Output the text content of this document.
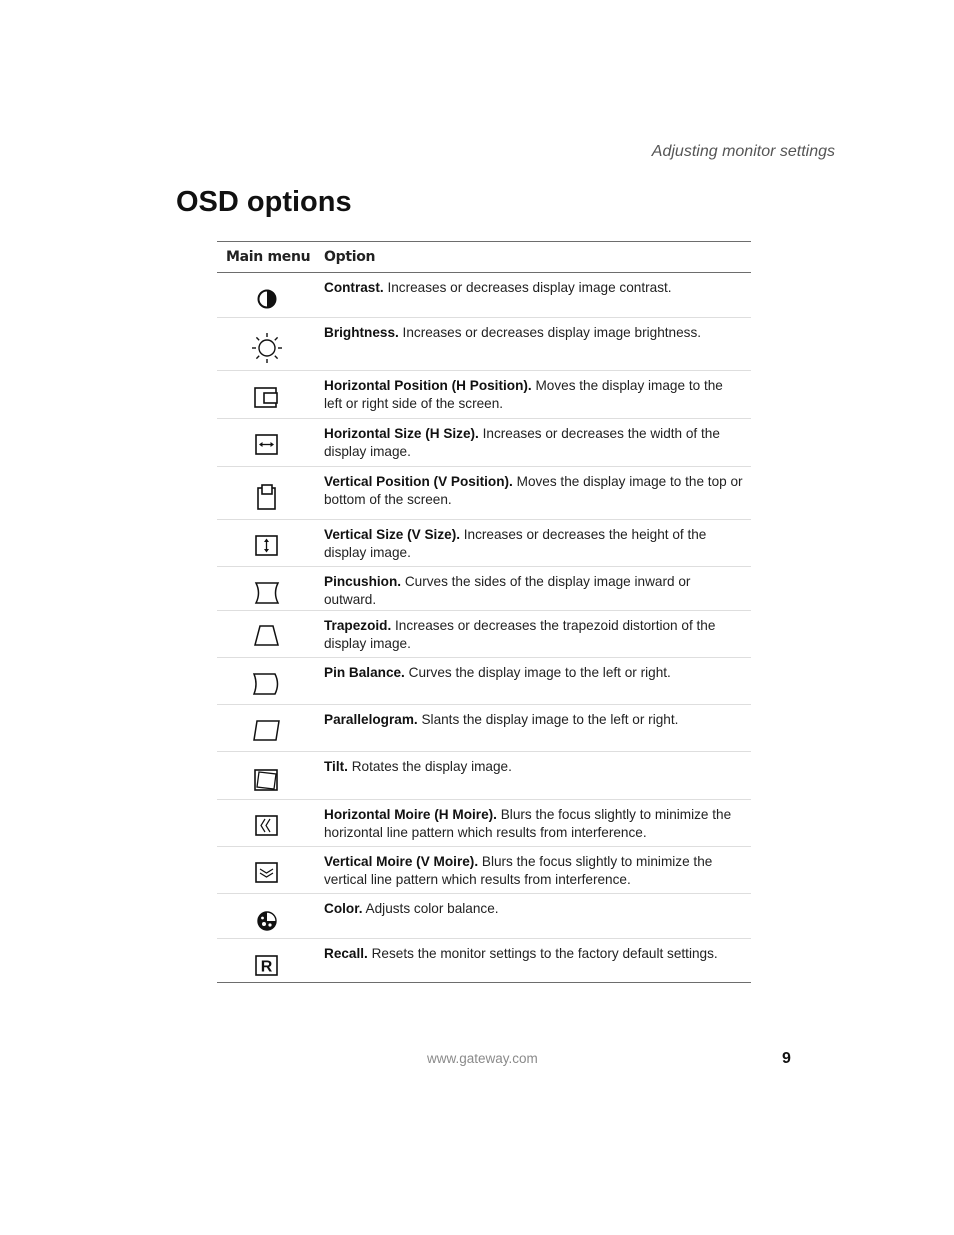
Adjusting monitor settings
OSD options
Main menu	Option

	Contrast. Increases or decreases display image contrast.

	Brightness. Increases or decreases display image brightness.

	Horizontal Position (H Position). Moves the display image to the left or right side of the screen.

	Horizontal Size (H Size). Increases or decreases the width of the display image.

	Vertical Position (V Position). Moves the display image to the top or bottom of the screen.

	Vertical Size (V Size). Increases or decreases the height of the display image.

	Pincushion. Curves the sides of the display image inward or outward.

	Trapezoid. Increases or decreases the trapezoid distortion of the display image.

	Pin Balance. Curves the display image to the left or right.

	Parallelogram. Slants the display image to the left or right.

	Tilt. Rotates the display image.

	Horizontal Moire (H Moire). Blurs the focus slightly to minimize the horizontal line pattern which results from interference.

	Vertical Moire (V Moire). Blurs the focus slightly to minimize the vertical line pattern which results from interference.

	Color. Adjusts color balance.

R	Recall. Resets the monitor settings to the factory default settings.
www.gateway.com	9
